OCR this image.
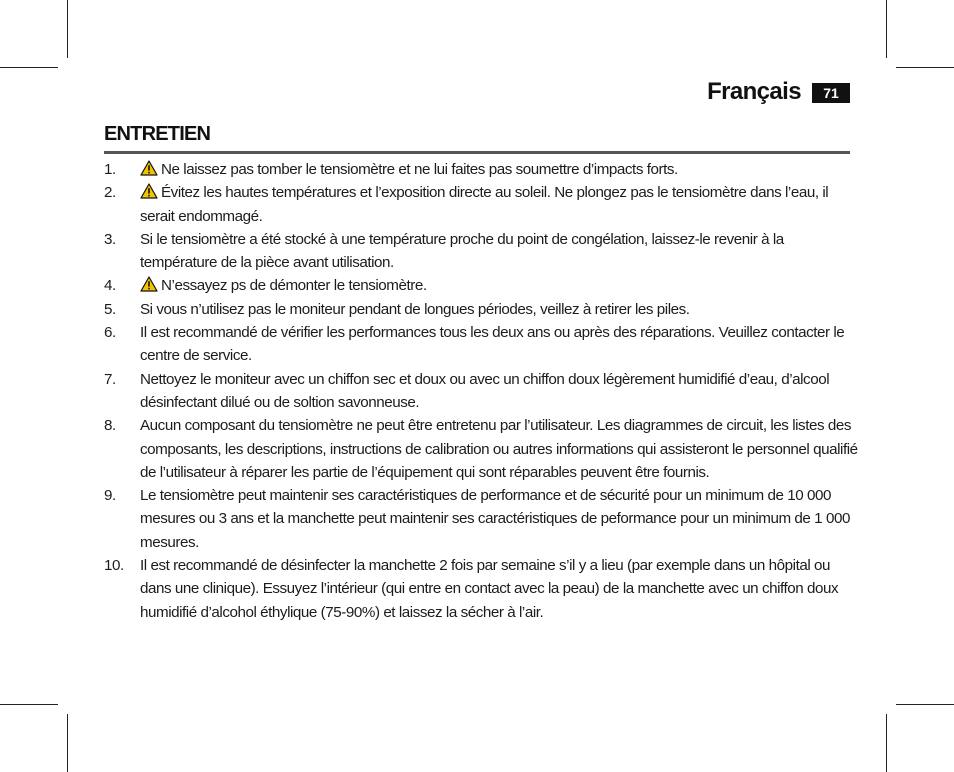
Français	71
ENTRETIEN
1.	Ne laissez pas tomber le tensiomètre et ne lui faites pas soumettre d’impacts forts.
2.	Évitez les hautes températures et l’exposition directe au soleil. Ne plongez pas le tensiomètre dans l’eau, il serait endommagé.
3.	Si le tensiomètre a été stocké à une température proche du point de congélation, laissez-le revenir à la température de la pièce avant utilisation.
4.	N’essayez ps de démonter le tensiomètre.
5.	Si vous n’utilisez pas le moniteur pendant de longues périodes, veillez à retirer les piles.
6.	Il est recommandé de vérifier les performances tous les deux ans ou après des réparations. Veuillez contacter le centre de service.
7.	Nettoyez le moniteur avec un chiffon sec et doux ou avec un chiffon doux légèrement humidifié d’eau, d’alcool désinfectant dilué ou de soltion savonneuse.
8.	Aucun composant du tensiomètre ne peut être entretenu par l’utilisateur. Les diagrammes de circuit, les listes des composants, les descriptions, instructions de calibration ou autres informations qui assisteront le personnel qualifié de l’utilisateur à réparer les partie de l’équipement qui sont réparables peuvent être fournis.
9.	Le tensiomètre peut maintenir ses caractéristiques de performance et de sécurité pour un minimum de 10 000 mesures ou 3 ans et la manchette peut maintenir ses caractéristiques de peformance pour un minimum de 1 000 mesures.
10.	Il est recommandé de désinfecter la manchette 2 fois par semaine s’il y a lieu (par exemple dans un hôpital ou dans une clinique). Essuyez l’intérieur (qui entre en contact avec la peau) de la manchette avec un chiffon doux humidifié d’alcohol éthylique (75-90%) et laissez la sécher à l’air.
